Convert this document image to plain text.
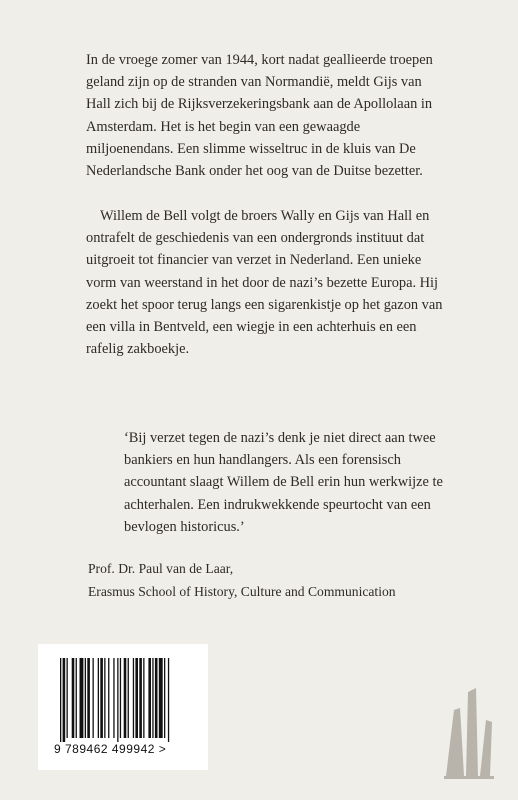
In de vroege zomer van 1944, kort nadat geallieerde troepen geland zijn op de stranden van Normandië, meldt Gijs van Hall zich bij de Rijksverzekeringsbank aan de Apollolaan in Amsterdam. Het is het begin van een gewaagde miljoenendans. Een slimme wisseltruc in de kluis van De Nederlandsche Bank onder het oog van de Duitse bezetter.

Willem de Bell volgt de broers Wally en Gijs van Hall en ontrafelt de geschiedenis van een ondergronds instituut dat uitgroeit tot financier van verzet in Nederland. Een unieke vorm van weerstand in het door de nazi’s bezette Europa. Hij zoekt het spoor terug langs een sigarenkistje op het gazon van een villa in Bentveld, een wiegje in een achterhuis en een rafelig zakboekje.

‘Bij verzet tegen de nazi’s denk je niet direct aan twee bankiers en hun handlangers. Als een forensisch accountant slaagt Willem de Bell erin hun werkwijze te achterhalen. Een indrukwekkende speurtocht van een bevlogen historicus.’

Prof. Dr. Paul van de Laar,
Erasmus School of History, Culture and Communication

9 789462 499942 >
